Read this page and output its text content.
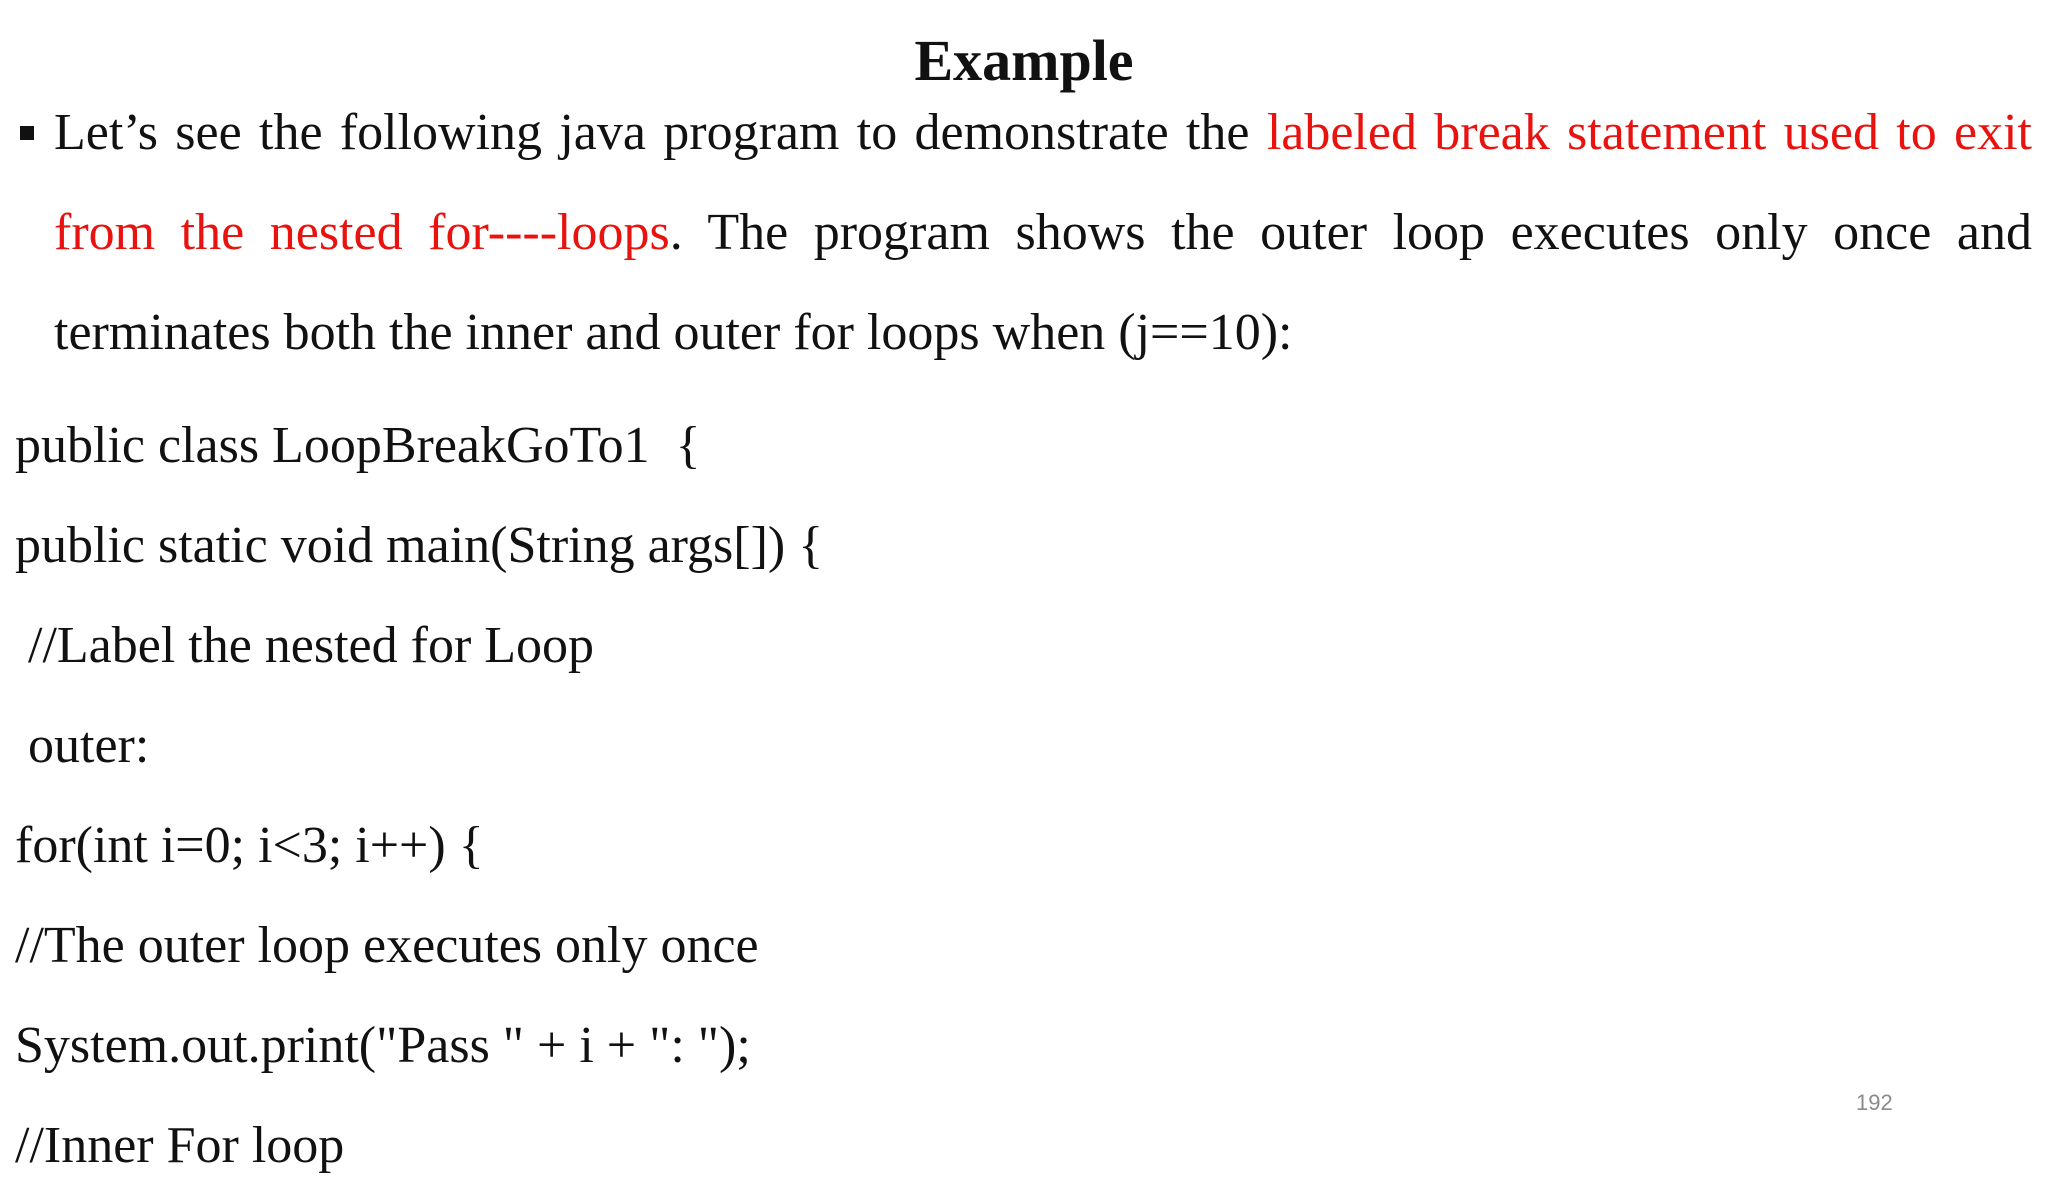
Example
Let’s see the following java program to demonstrate the labeled break statement used to exit from the nested for----loops. The program shows the outer loop executes only once and terminates both the inner and outer for loops when (j==10):
public class LoopBreakGoTo1  {
public static void main(String args[]) {
//Label the nested for Loop
outer:
for(int i=0; i<3; i++) {
//The outer loop executes only once
System.out.print("Pass " + i + ": ");
//Inner For loop
192
